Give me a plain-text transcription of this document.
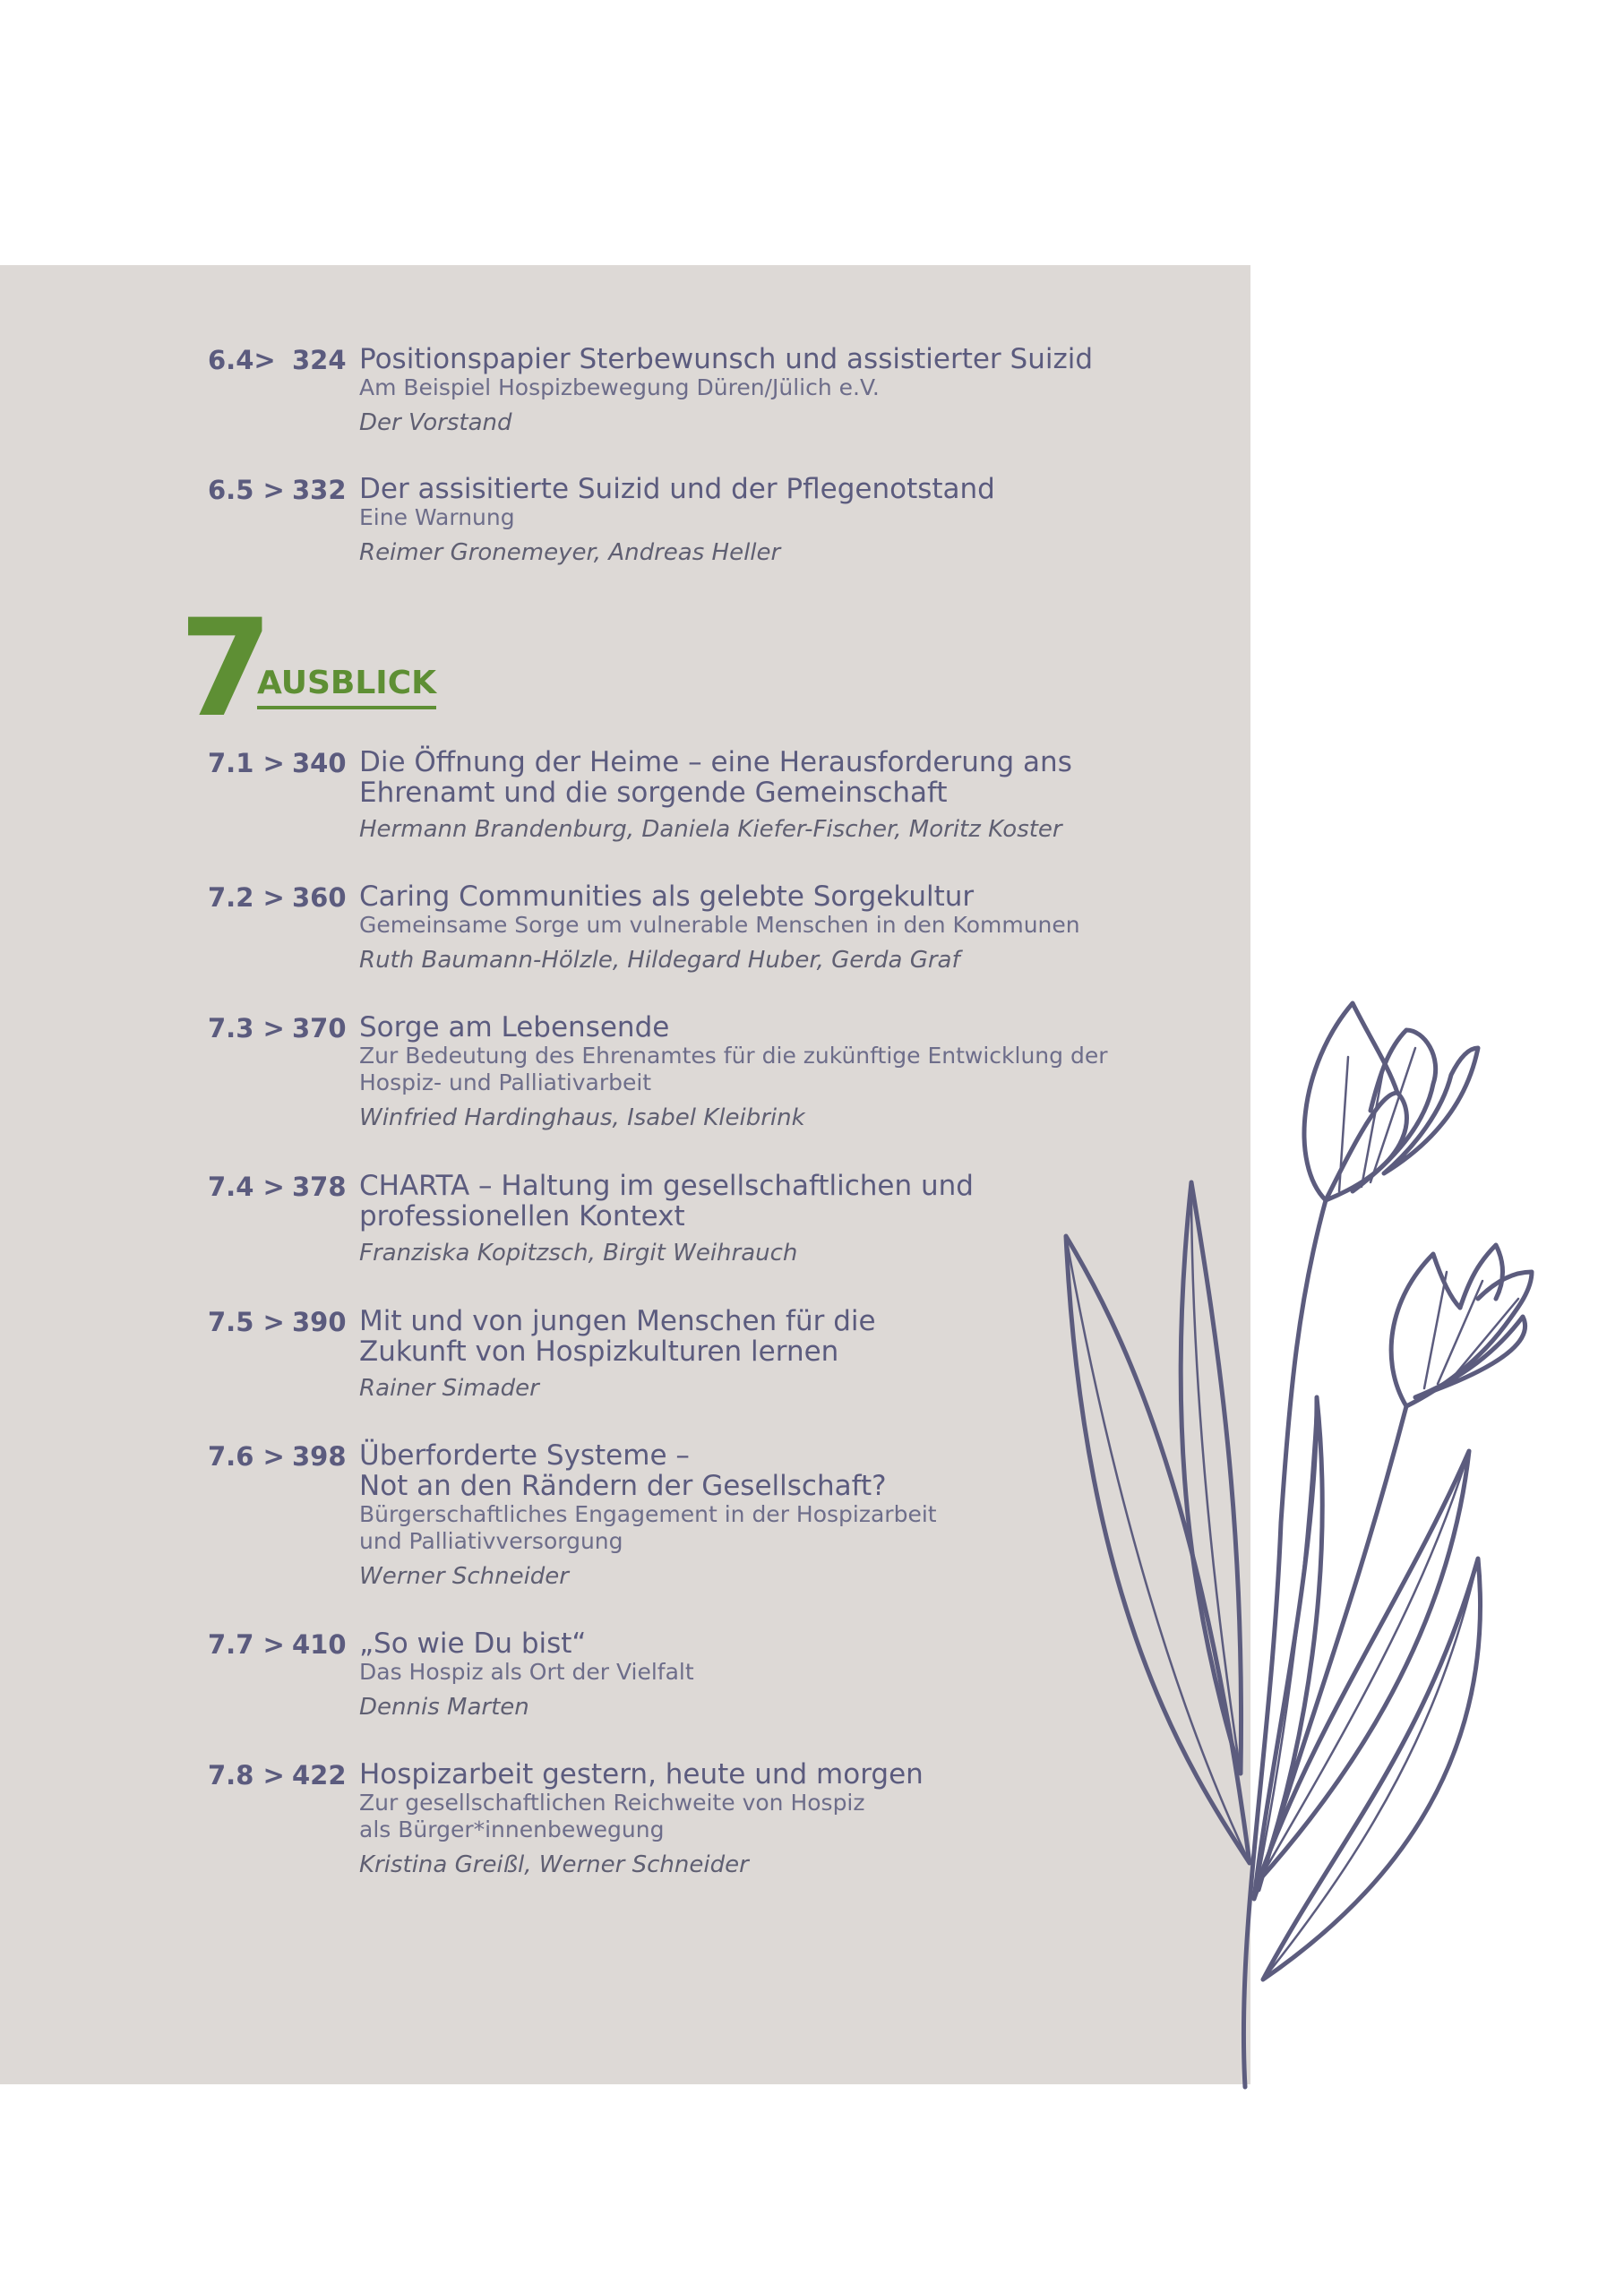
7
AUSBLICK
6.4> 324 Positionspapier Sterbewunsch und assistierter Suizid
Am Beispiel Hospizbewegung Düren/Jülich e.V.
Der Vorstand
6.5 > 332 Der assisitierte Suizid und der Pflegenotstand
Eine Warnung
Reimer Gronemeyer, Andreas Heller
7.1 > 340 Die Öffnung der Heime – eine Herausforderung ans
Ehrenamt und die sorgende Gemeinschaft
Hermann Brandenburg, Daniela Kiefer-Fischer, Moritz Koster
7.2 > 360 Caring Communities als gelebte Sorgekultur
Gemeinsame Sorge um vulnerable Menschen in den Kommunen
Ruth Baumann-Hölzle, Hildegard Huber, Gerda Graf
7.3 > 370 Sorge am Lebensende
Zur Bedeutung des Ehrenamtes für die zukünftige Entwicklung der
Hospiz- und Palliativarbeit
Winfried Hardinghaus, Isabel Kleibrink
7.4 > 378 CHARTA – Haltung im gesellschaftlichen und
professionellen Kontext
Franziska Kopitzsch, Birgit Weihrauch
7.5 > 390 Mit und von jungen Menschen für die
Zukunft von Hospizkulturen lernen
Rainer Simader
7.6 > 398 Überforderte Systeme –
Not an den Rändern der Gesellschaft?
Bürgerschaftliches Engagement in der Hospizarbeit
und Palliativversorgung
Werner Schneider
7.7 > 410 „So wie Du bist“
Das Hospiz als Ort der Vielfalt
Dennis Marten
7.8 > 422 Hospizarbeit gestern, heute und morgen
Zur gesellschaftlichen Reichweite von Hospiz
als Bürger*innenbewegung
Kristina Greißl, Werner Schneider
